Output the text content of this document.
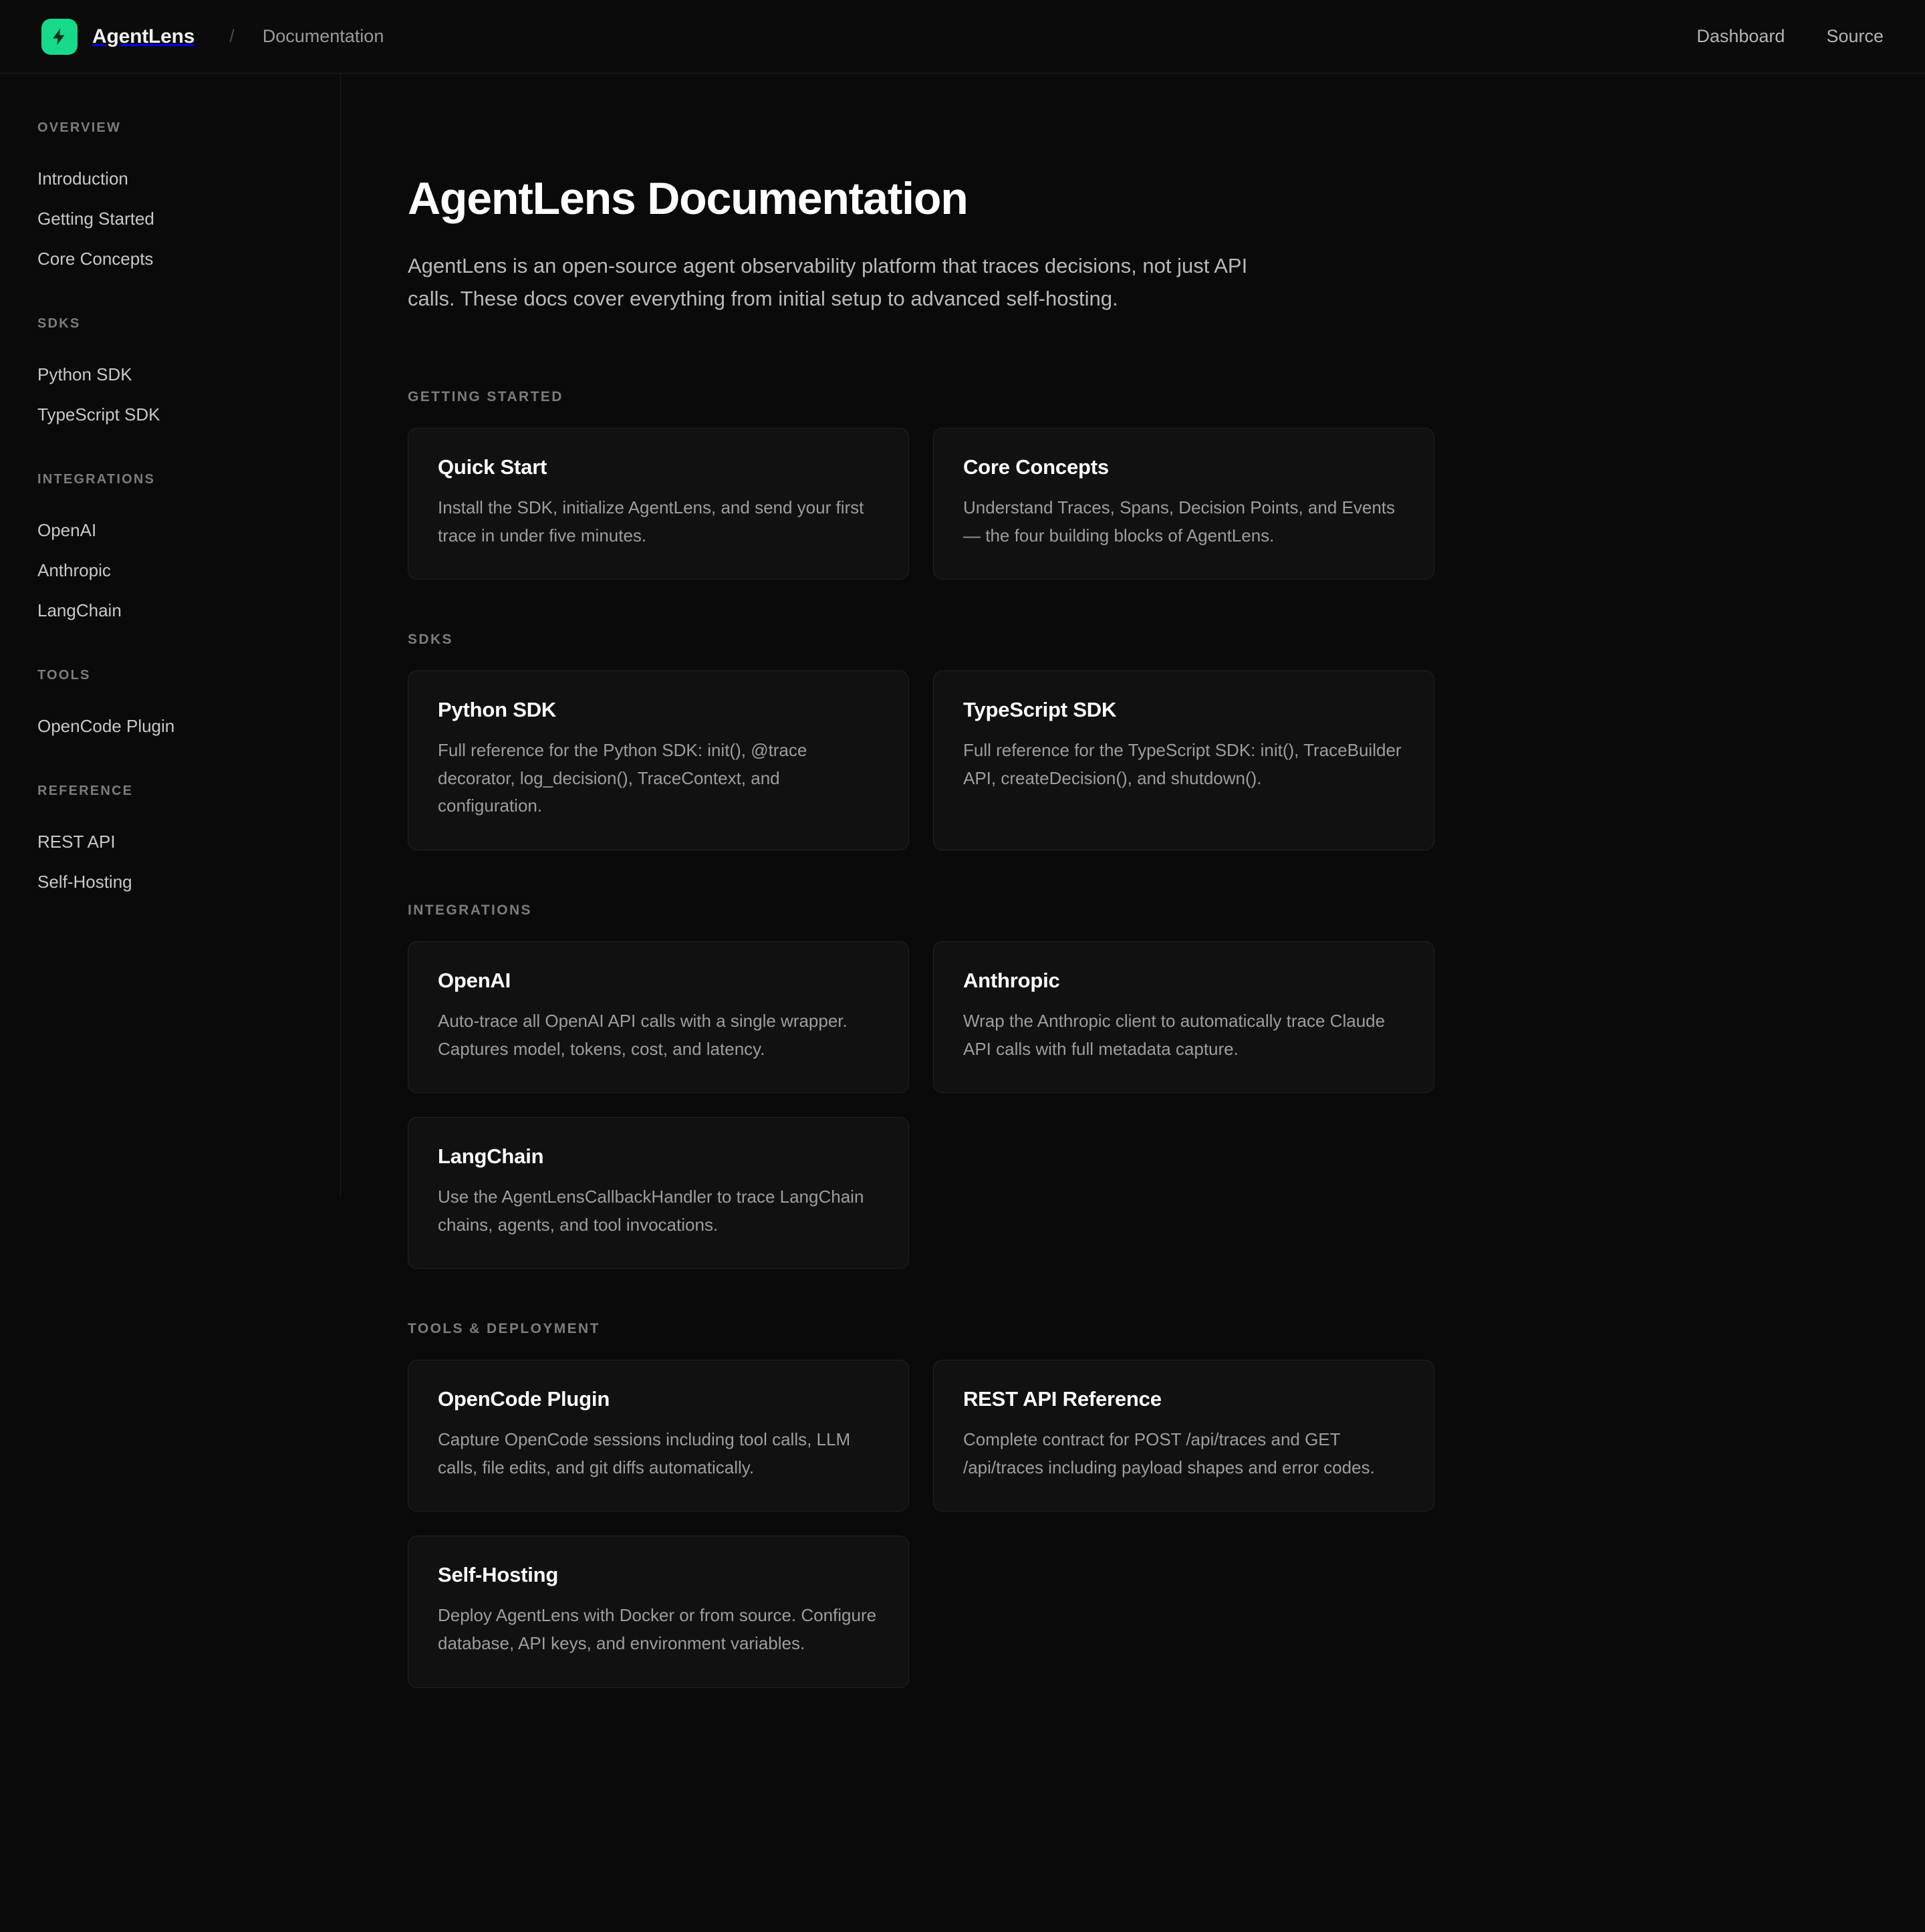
AgentLens / Documentation	Dashboard Source
OVERVIEW
Introduction
Getting Started
Core Concepts
SDKS
Python SDK
TypeScript SDK
INTEGRATIONS
OpenAI
Anthropic
LangChain
TOOLS
OpenCode Plugin
REFERENCE
REST API
Self-Hosting
AgentLens Documentation

AgentLens is an open-source agent observability platform that traces decisions, not just API calls. These docs cover everything from initial setup to advanced self-hosting.

GETTING STARTED
Quick Start
Install the SDK, initialize AgentLens, and send your first trace in under five minutes.
Core Concepts
Understand Traces, Spans, Decision Points, and Events — the four building blocks of AgentLens.
SDKS
Python SDK
Full reference for the Python SDK: init(), @trace decorator, log_decision(), TraceContext, and configuration.
TypeScript SDK
Full reference for the TypeScript SDK: init(), TraceBuilder API, createDecision(), and shutdown().
INTEGRATIONS
OpenAI
Auto-trace all OpenAI API calls with a single wrapper. Captures model, tokens, cost, and latency.
Anthropic
Wrap the Anthropic client to automatically trace Claude API calls with full metadata capture.
LangChain
Use the AgentLensCallbackHandler to trace LangChain chains, agents, and tool invocations.
TOOLS & DEPLOYMENT
OpenCode Plugin
Capture OpenCode sessions including tool calls, LLM calls, file edits, and git diffs automatically.
REST API Reference
Complete contract for POST /api/traces and GET /api/traces including payload shapes and error codes.
Self-Hosting
Deploy AgentLens with Docker or from source. Configure database, API keys, and environment variables.
